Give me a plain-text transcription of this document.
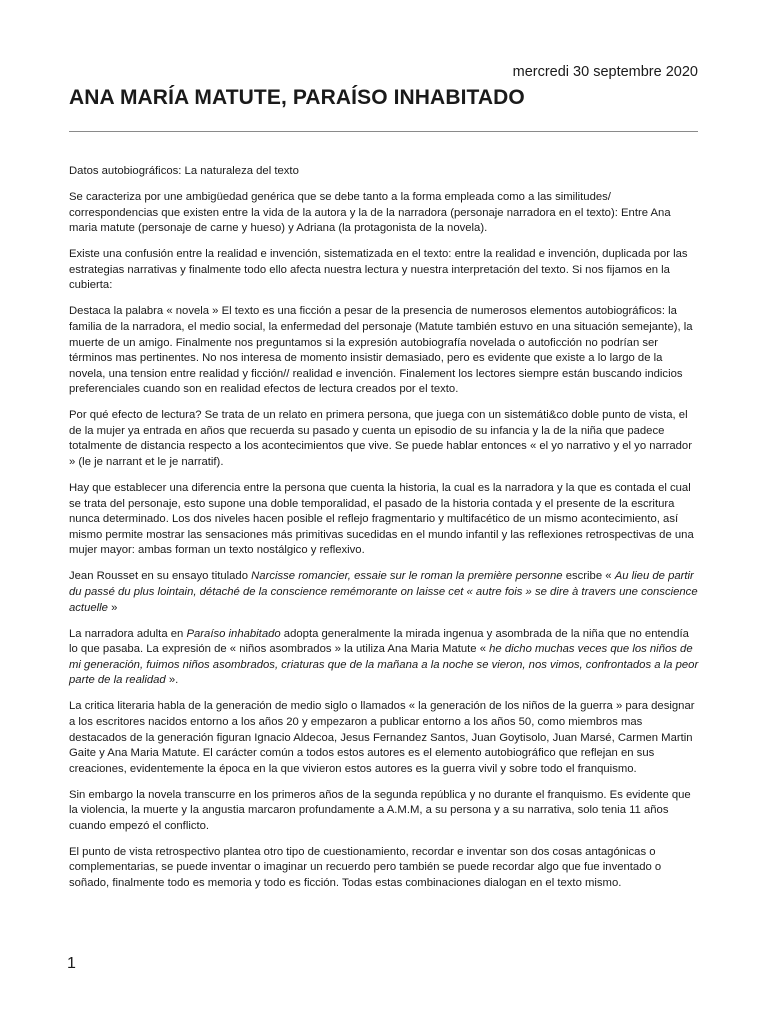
mercredi 30 septembre 2020
ANA MARÍA MATUTE, PARAÍSO INHABITADO

Datos autobiográficos: La naturaleza del texto

Se caracteriza por une ambigüedad genérica que se debe tanto a la forma empleada como a las similitudes/ correspondencias que existen entre la vida de la autora y la de la narradora (personaje narradora en el texto): Entre Ana maria matute (personaje de carne y hueso) y Adriana (la protagonista de la novela).

Existe una confusión entre la realidad e invención, sistematizada en el texto: entre la realidad e invención, duplicada por las estrategias narrativas y finalmente todo ello afecta nuestra lectura y nuestra interpretación del texto. Si nos fijamos en la cubierta:

Destaca la palabra « novela » El texto es una ficción a pesar de la presencia de numerosos elementos autobiográficos: la familia de la narradora, el medio social, la enfermedad del personaje (Matute también estuvo en una situación semejante), la muerte de un amigo. Finalmente nos preguntamos si la expresión autobiografía novelada o autoficción no podrían ser términos mas pertinentes. No nos interesa de momento insistir demasiado, pero es evidente que existe a lo largo de la novela, una tension entre realidad y ficción// realidad e invención. Finalement los lectores siempre están buscando indicios preferenciales cuando son en realidad efectos de lectura creados por el texto.

Por qué efecto de lectura? Se trata de un relato en primera persona, que juega con un sistemáti&co doble punto de vista, el de la mujer ya entrada en años que recuerda su pasado y cuenta un episodio de su infancia y la de la niña que padece totalmente de distancia respecto a los acontecimientos que vive. Se puede hablar entonces « el yo narrativo y el yo narrador » (le je narrant et le je narratif).

Hay que establecer una diferencia entre la persona que cuenta la historia, la cual es la narradora y la que es contada el cual se trata del personaje, esto supone una doble temporalidad, el pasado de la historia contada y el presente de la escritura nunca determinado. Los dos niveles hacen posible el reflejo fragmentario y multifacético de un mismo acontecimiento, así mismo permite mostrar las sensaciones más primitivas sucedidas en el mundo infantil y las reflexiones retrospectivas de una mujer mayor: ambas forman un texto nostálgico y reflexivo.

Jean Rousset en su ensayo titulado Narcisse romancier, essaie sur le roman la première personne escribe « Au lieu de partir du passé du plus lointain, détaché de la conscience remémorante on laisse cet « autre fois » se dire à travers une conscience actuelle »

La narradora adulta en Paraíso inhabitado adopta generalmente la mirada ingenua y asombrada de la niña que no entendía lo que pasaba. La expresión de « niños asombrados » la utiliza Ana Maria Matute « he dicho muchas veces que los niños de mi generación, fuimos niños asombrados, criaturas que de la mañana a la noche se vieron, nos vimos, confrontados a la peor parte de la realidad ».

La critica literaria habla de la generación de medio siglo o llamados « la generación de los niños de la guerra » para designar a los escritores nacidos entorno a los años 20 y empezaron a publicar entorno a los años 50, como miembros mas destacados de la generación figuran Ignacio Aldecoa, Jesus Fernandez Santos, Juan Goytisolo, Juan Marsé, Carmen Martin Gaite y Ana Maria Matute. El carácter común a todos estos autores es el elemento autobiográfico que reflejan en sus creaciones, evidentemente la época en la que vivieron estos autores es la guerra vivil y sobre todo el franquismo.

Sin embargo la novela transcurre en los primeros años de la segunda república y no durante el franquismo. Es evidente que la violencia, la muerte y la angustia marcaron profundamente a A.M.M, a su persona y a su narrativa, solo tenia 11 años cuando empezó el conflicto.

El punto de vista retrospectivo plantea otro tipo de cuestionamiento, recordar e inventar son dos cosas antagónicas o complementarias, se puede inventar o imaginar un recuerdo pero también se puede recordar algo que fue inventado o soñado, finalmente todo es memoria y todo es ficción. Todas estas combinaciones dialogan en el texto mismo.

1
